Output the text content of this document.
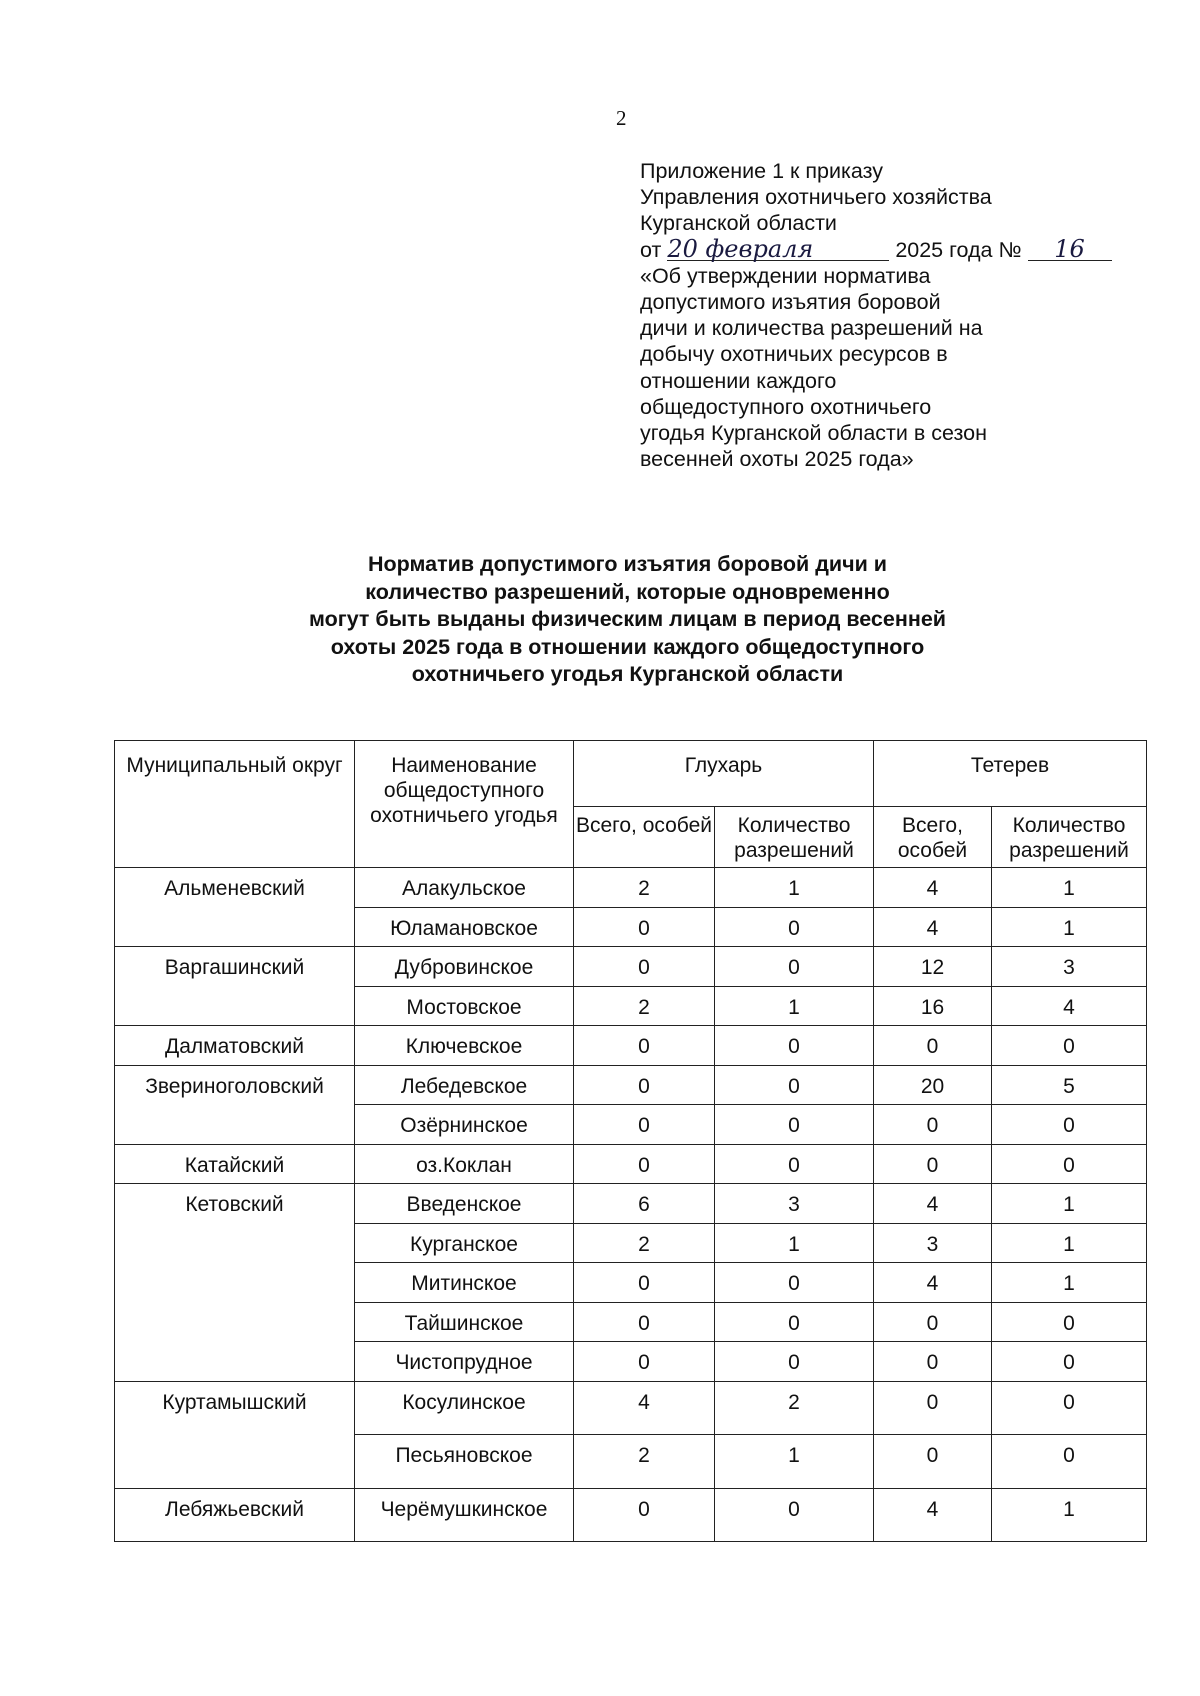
2
Приложение 1 к приказу
Управления охотничьего хозяйства
Курганской области
от 20 февраля	2025 года № 16
«Об утверждении норматива
допустимого изъятия боровой
дичи и количества разрешений на
добычу охотничьих ресурсов в
отношении каждого
общедоступного охотничьего
угодья Курганской области в сезон
весенней охоты 2025 года»
Норматив допустимого изъятия боровой дичи и
количество разрешений, которые одновременно
могут быть выданы физическим лицам в период весенней
охоты 2025 года в отношении каждого общедоступного
охотничьего угодья Курганской области
Муниципальный округ	Наименование общедоступного охотничьего угодья	Глухарь		Тетерев	
		Всего, особей	Количество разрешений	Всего, особей	Количество разрешений
Альменевский	Алакульское	2	1	4	1
	Юламановское	0	0	4	1
Варгашинский	Дубровинское	0	0	12	3
	Мостовское	2	1	16	4
Далматовский	Ключевское	0	0	0	0
Звериноголовский	Лебедевское	0	0	20	5
	Озёрнинское	0	0	0	0
Катайский	оз.Коклан	0	0	0	0
Кетовский	Введенское	6	3	4	1
	Курганское	2	1	3	1
	Митинское	0	0	4	1
	Тайшинское	0	0	0	0
	Чистопрудное	0	0	0	0
Куртамышский	Косулинское	4	2	0	0
	Песьяновское	2	1	0	0
Лебяжьевский	Черёмушкинское	0	0	4	1
